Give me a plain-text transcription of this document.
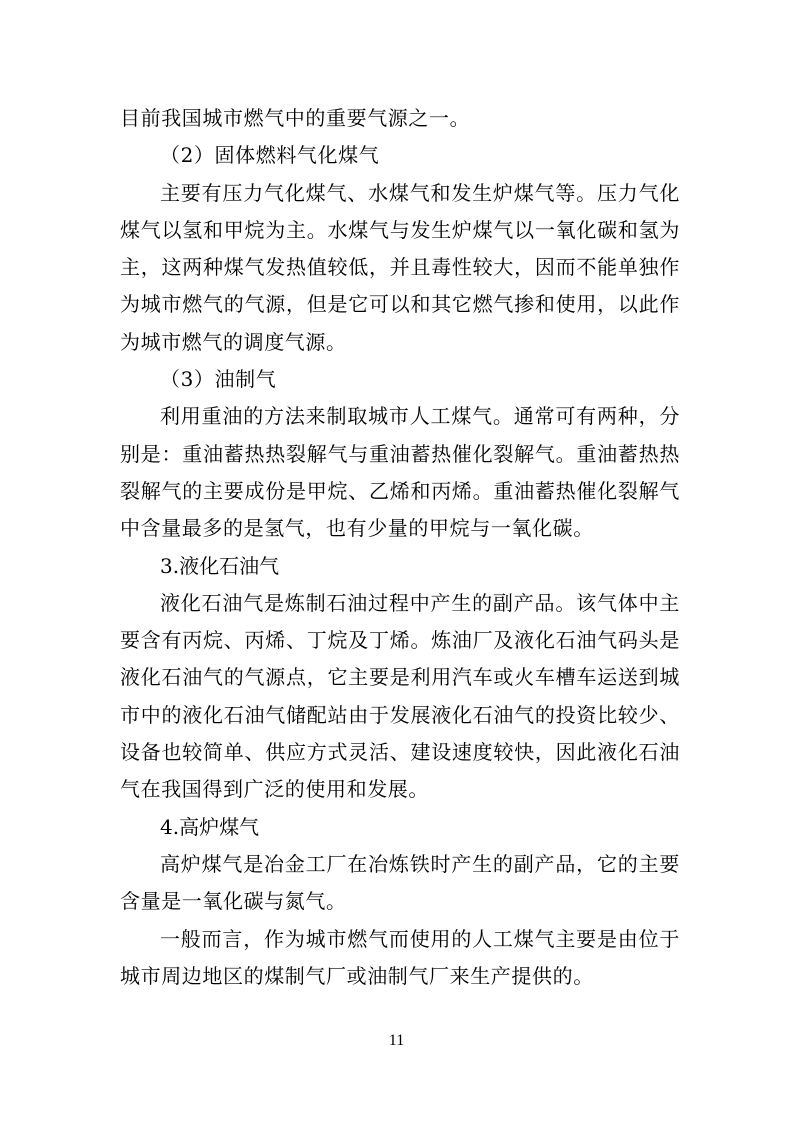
目前我国城市燃气中的重要气源之一。

（2）固体燃料气化煤气

主要有压力气化煤气、水煤气和发生炉煤气等。压力气化煤气以氢和甲烷为主。水煤气与发生炉煤气以一氧化碳和氢为主，这两种煤气发热值较低，并且毒性较大，因而不能单独作为城市燃气的气源，但是它可以和其它燃气掺和使用，以此作为城市燃气的调度气源。

（3）油制气

利用重油的方法来制取城市人工煤气。通常可有两种，分别是：重油蓄热热裂解气与重油蓄热催化裂解气。重油蓄热热裂解气的主要成份是甲烷、乙烯和丙烯。重油蓄热催化裂解气中含量最多的是氢气，也有少量的甲烷与一氧化碳。

3.液化石油气

液化石油气是炼制石油过程中产生的副产品。该气体中主要含有丙烷、丙烯、丁烷及丁烯。炼油厂及液化石油气码头是液化石油气的气源点，它主要是利用汽车或火车槽车运送到城市中的液化石油气储配站由于发展液化石油气的投资比较少、设备也较简单、供应方式灵活、建设速度较快，因此液化石油气在我国得到广泛的使用和发展。

4.高炉煤气

高炉煤气是冶金工厂在冶炼铁时产生的副产品，它的主要含量是一氧化碳与氮气。

一般而言，作为城市燃气而使用的人工煤气主要是由位于城市周边地区的煤制气厂或油制气厂来生产提供的。

11
